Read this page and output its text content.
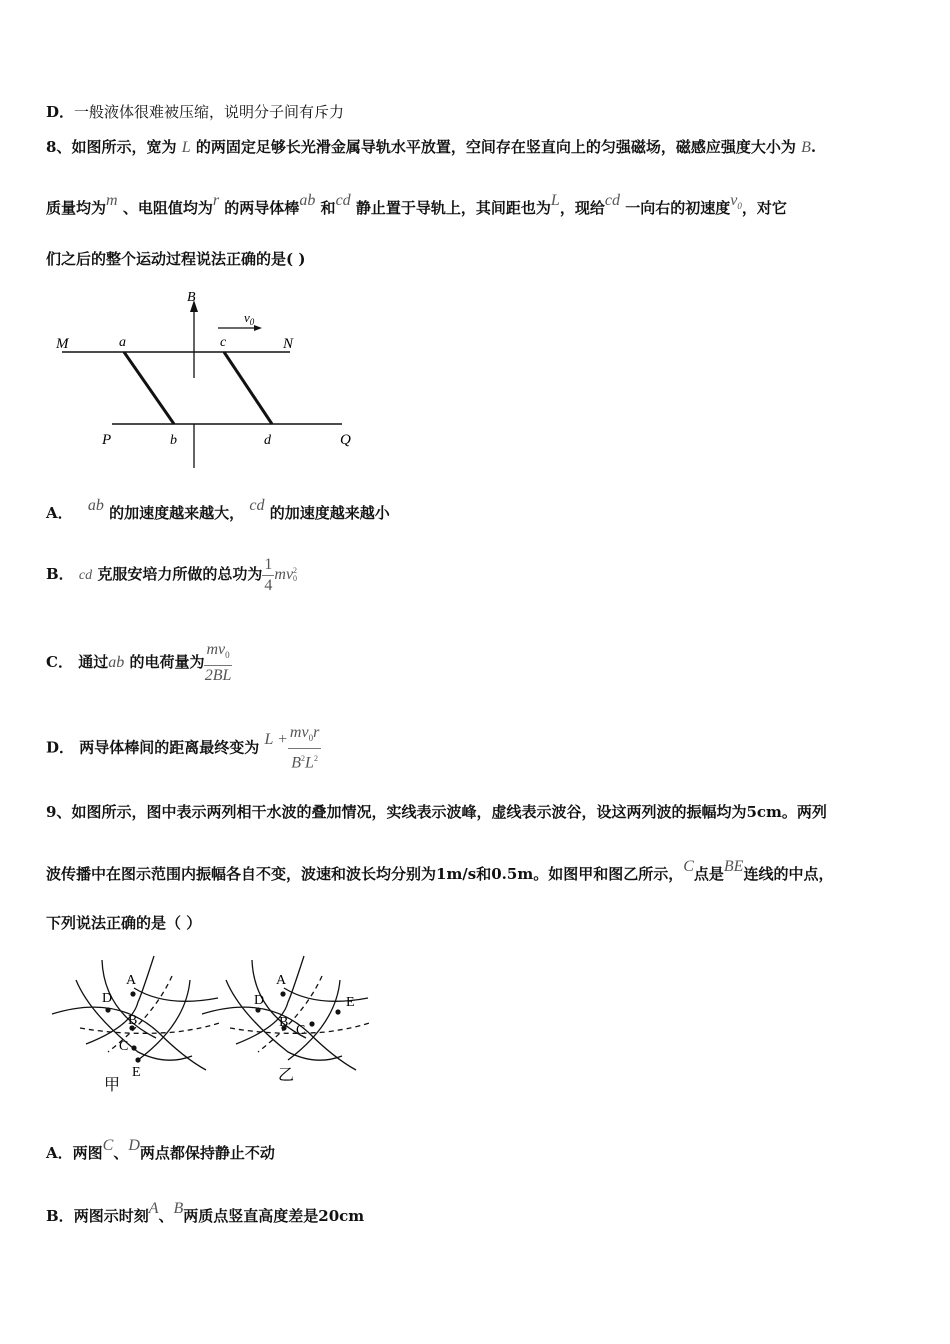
D．一般液体很难被压缩，说明分子间有斥力
8、如图所示，宽为 L 的两固定足够长光滑金属导轨水平放置，空间存在竖直向上的匀强磁场，磁感应强度大小为 B.
质量均为m 、电阻值均为r 的两导体棒ab 和cd 静止置于导轨上，其间距也为L，现给cd 一向右的初速度$v_0$，对它
们之后的整个运动过程说法正确的是( )
B
$v_0$
M	a	c	N
P	b	d	Q
A． ab 的加速度越来越大， cd 的加速度越来越小
B． cd 克服安培力所做的总功为 $\frac{1}{4}$ mv 2
0
C． 通过ab 的电荷量为 $\frac{mv_0}{2BL}$
D． 两导体棒间的距离最终变为 $L + \frac{mv_0r}{B^2L^2}$
9、如图所示，图中表示两列相干水波的叠加情况，实线表示波峰，虚线表示波谷，设这两列波的振幅均为5cm。两列
波传播中在图示范围内振幅各自不变，波速和波长均分别为1m/s和0.5m。如图甲和图乙所示，C点是BE连线的中点，
下列说法正确的是（ ）
A
D
B
C
E
甲
A
D
B
C
E
乙
A．两图C、D两点都保持静止不动
B．两图示时刻A、B两质点竖直高度差是20cm
